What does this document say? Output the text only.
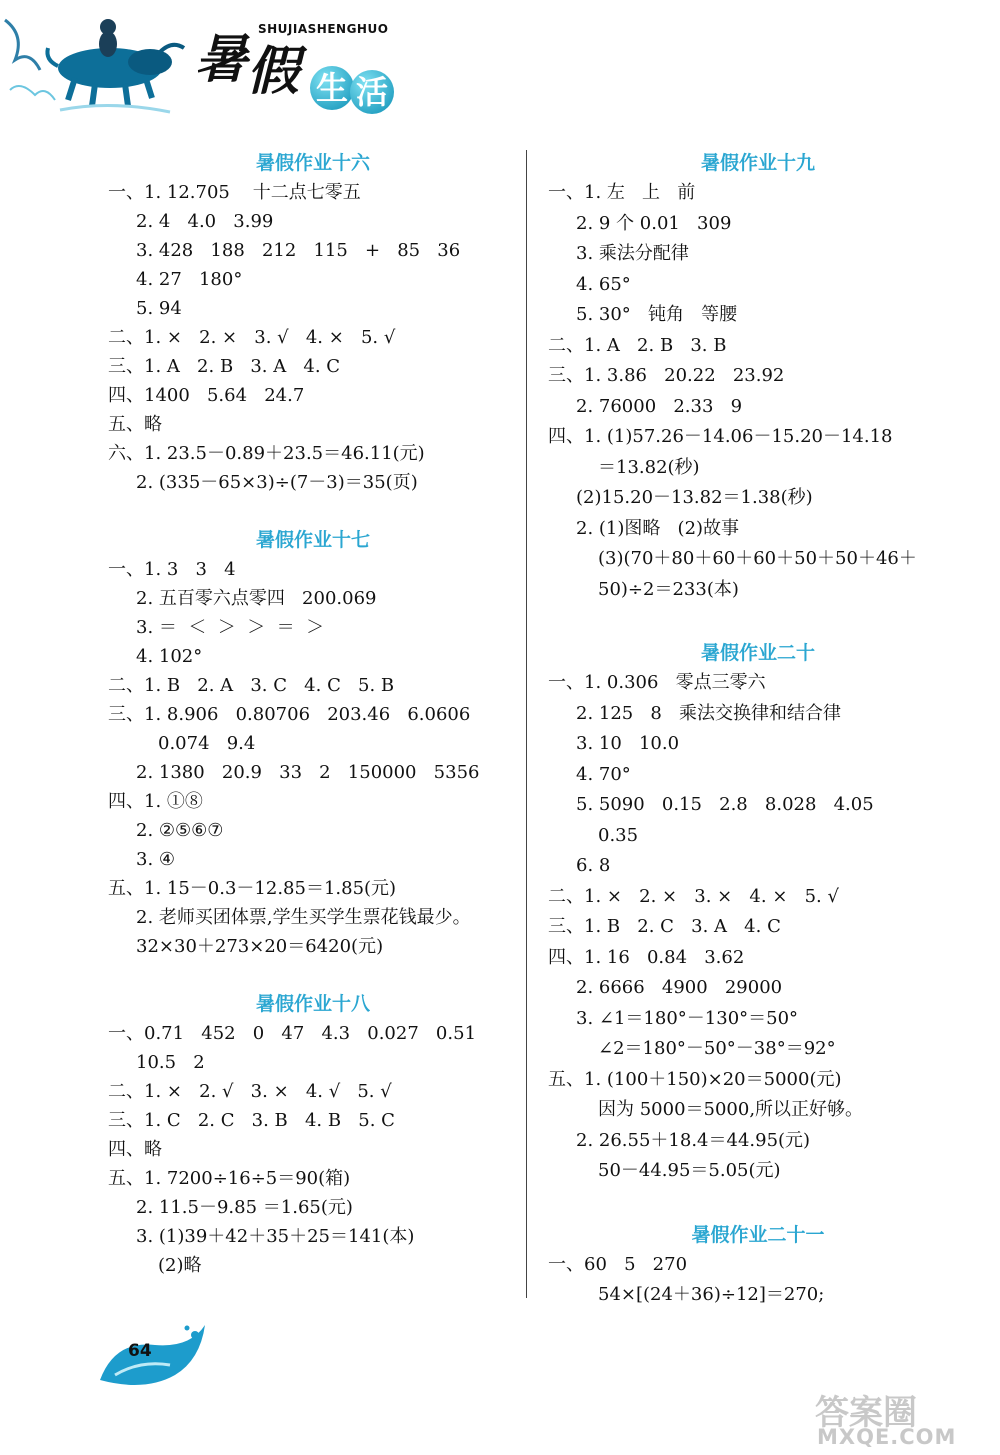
SHUJIASHENGHUO
暑 假 生 活
暑假作业十六
一、1. 12.705    十二点七零五
2. 4   4.0   3.99
3. 428   188   212   115   +   85   36
4. 27   180°
5. 94
二、1. ×   2. ×   3. √   4. ×   5. √
三、1. A   2. B   3. A   4. C
四、1400   5.64   24.7
五、略
六、1. 23.5－0.89＋23.5＝46.11(元)
2. (335－65×3)÷(7－3)＝35(页)
暑假作业十七
一、1. 3   3   4
2. 五百零六点零四   200.069
3. ＝  ＜  ＞  ＞  ＝  ＞
4. 102°
二、1. B   2. A   3. C   4. C   5. B
三、1. 8.906   0.80706   203.46   6.0606
0.074   9.4
2. 1380   20.9   33   2   150000   5356
四、1. ①⑧
2. ②⑤⑥⑦
3. ④
五、1. 15－0.3－12.85＝1.85(元)
2. 老师买团体票,学生买学生票花钱最少。
32×30＋273×20＝6420(元)
暑假作业十八
一、0.71   452   0   47   4.3   0.027   0.51
10.5   2
二、1. ×   2. √   3. ×   4. √   5. √
三、1. C   2. C   3. B   4. B   5. C
四、略
五、1. 7200÷16÷5＝90(箱)
2. 11.5－9.85 ＝1.65(元)
3. (1)39＋42＋35＋25＝141(本)
(2)略
暑假作业十九
一、1. 左   上   前
2. 9 个 0.01   309
3. 乘法分配律
4. 65°
5. 30°   钝角   等腰
二、1. A   2. B   3. B
三、1. 3.86   20.22   23.92
2. 76000   2.33   9
四、1. (1)57.26－14.06－15.20－14.18
＝13.82(秒)
(2)15.20－13.82＝1.38(秒)
2. (1)图略   (2)故事
(3)(70＋80＋60＋60＋50＋50＋46＋
50)÷2＝233(本)
暑假作业二十
一、1. 0.306   零点三零六
2. 125   8   乘法交换律和结合律
3. 10   10.0
4. 70°
5. 5090   0.15   2.8   8.028   4.05
0.35
6. 8
二、1. ×   2. ×   3. ×   4. ×   5. √
三、1. B   2. C   3. A   4. C
四、1. 16   0.84   3.62
2. 6666   4900   29000
3. ∠1＝180°－130°＝50°
∠2＝180°－50°－38°＝92°
五、1. (100＋150)×20＝5000(元)
因为 5000＝5000,所以正好够。
2. 26.55＋18.4＝44.95(元)
50－44.95＝5.05(元)
暑假作业二十一
一、60   5   270
54×[(24＋36)÷12]＝270;
64
答案圈
MXQE.COM
